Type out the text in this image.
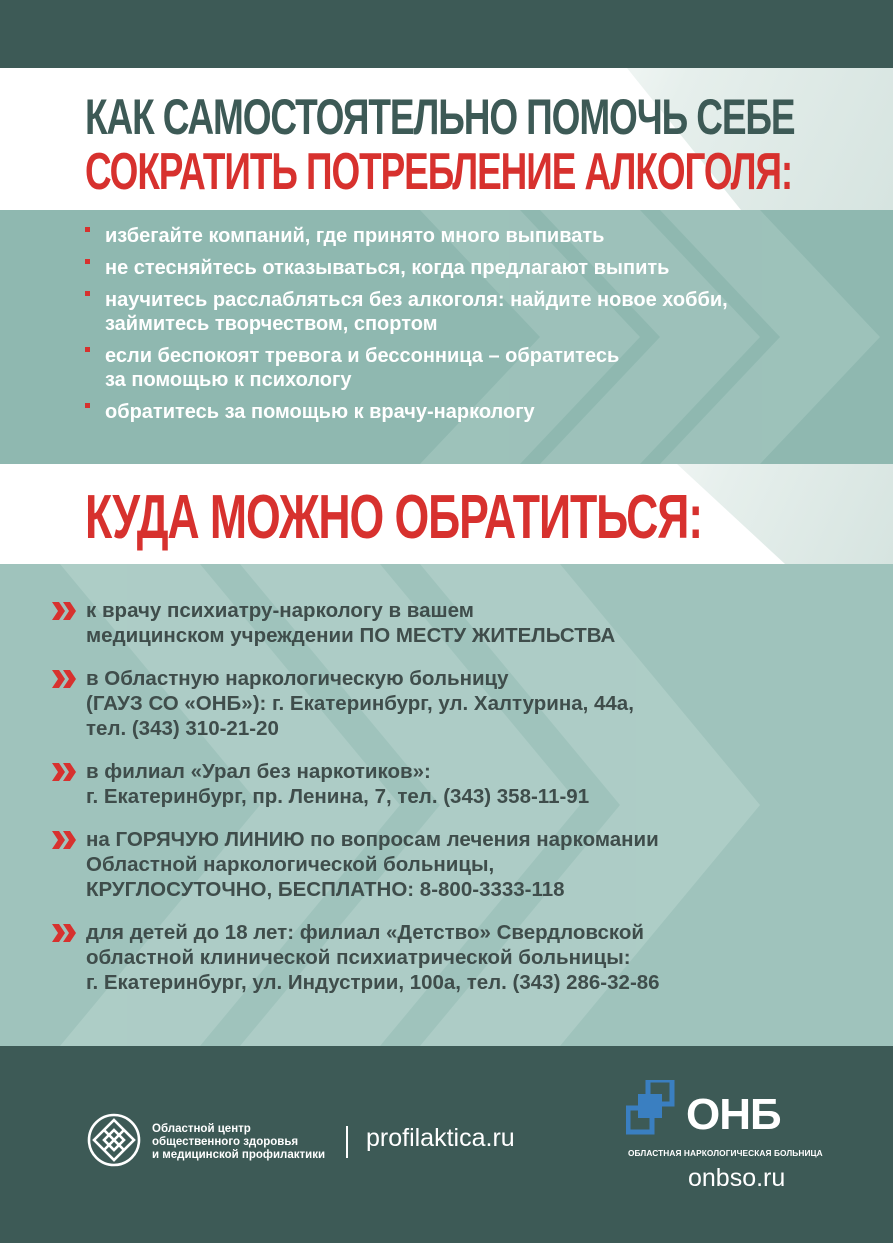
КАК САМОСТОЯТЕЛЬНО ПОМОЧЬ СЕБЕ
СОКРАТИТЬ ПОТРЕБЛЕНИЕ АЛКОГОЛЯ:
избегайте компаний, где принято много выпивать
не стесняйтесь отказываться, когда предлагают выпить
научитесь расслабляться без алкоголя: найдите новое хобби,
займитесь творчеством, спортом
если беспокоят тревога и бессонница – обратитесь
за помощью к психологу
обратитесь за помощью к врачу-наркологу
КУДА МОЖНО ОБРАТИТЬСЯ:
к врачу психиатру-наркологу в вашем
медицинском учреждении ПО МЕСТУ ЖИТЕЛЬСТВА
в Областную наркологическую больницу
(ГАУЗ СО «ОНБ»): г. Екатеринбург, ул. Халтурина, 44а,
тел. (343) 310-21-20
в филиал «Урал без наркотиков»:
г. Екатеринбург, пр. Ленина, 7, тел. (343) 358-11-91
на ГОРЯЧУЮ ЛИНИЮ по вопросам лечения наркомании
Областной наркологической больницы,
КРУГЛОСУТОЧНО, БЕСПЛАТНО: 8-800-3333-118
для детей до 18 лет: филиал «Детство» Свердловской
областной клинической психиатрической больницы:
г. Екатеринбург, ул. Индустрии, 100а, тел. (343) 286-32-86
Областной центр
общественного здоровья
и медицинской профилактики
profilaktica.ru	ОНБ
ОБЛАСТНАЯ НАРКОЛОГИЧЕСКАЯ БОЛЬНИЦА
onbso.ru
